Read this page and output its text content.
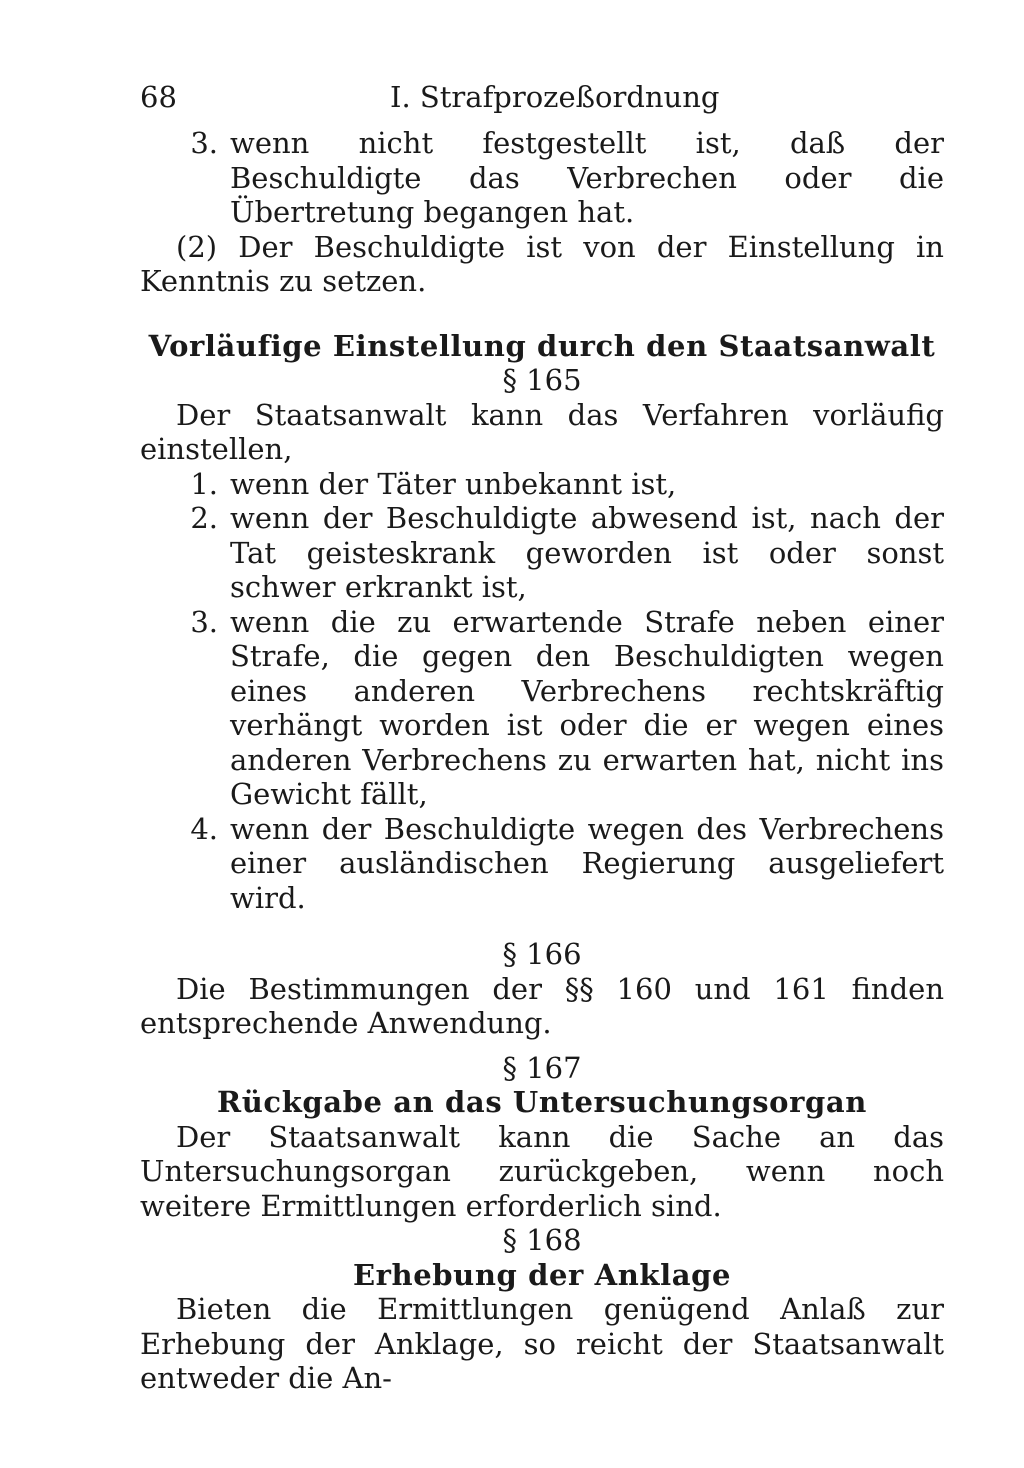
68	I. Strafprozeßordnung
3. wenn nicht festgestellt ist, daß der Beschuldigte das Verbrechen oder die Übertretung begangen hat.
(2) Der Beschuldigte ist von der Einstellung in Kenntnis zu setzen.
Vorläufige Einstellung durch den Staatsanwalt
§ 165
Der Staatsanwalt kann das Verfahren vorläufig einstellen,
1. wenn der Täter unbekannt ist,
2. wenn der Beschuldigte abwesend ist, nach der Tat geisteskrank geworden ist oder sonst schwer erkrankt ist,
3. wenn die zu erwartende Strafe neben einer Strafe, die gegen den Beschuldigten wegen eines anderen Verbrechens rechtskräftig verhängt worden ist oder die er wegen eines anderen Verbrechens zu erwarten hat, nicht ins Gewicht fällt,
4. wenn der Beschuldigte wegen des Verbrechens einer ausländischen Regierung ausgeliefert wird.
§ 166
Die Bestimmungen der §§ 160 und 161 finden entsprechende Anwendung.
§ 167
Rückgabe an das Untersuchungsorgan
Der Staatsanwalt kann die Sache an das Untersuchungsorgan zurückgeben, wenn noch weitere Ermittlungen erforderlich sind.
§ 168
Erhebung der Anklage
Bieten die Ermittlungen genügend Anlaß zur Erhebung der Anklage, so reicht der Staatsanwalt entweder die An-
